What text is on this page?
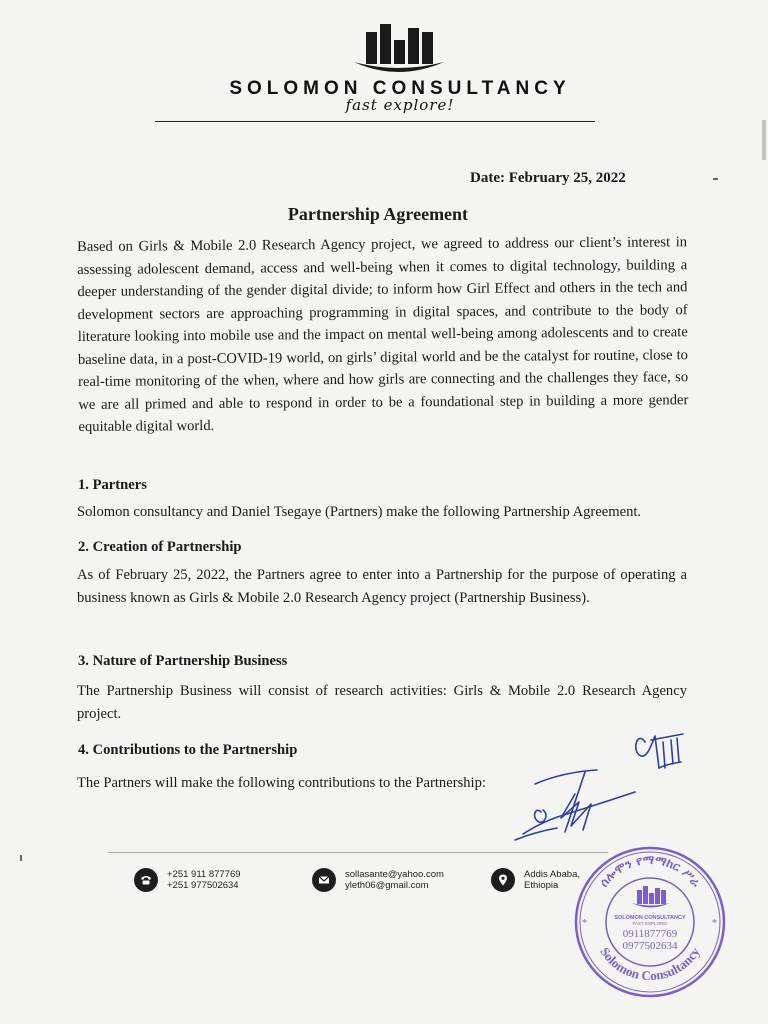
SOLOMON CONSULTANCY
fast explore!
Date: February 25, 2022
Partnership Agreement
Based on Girls & Mobile 2.0 Research Agency project, we agreed to address our client’s interest in assessing adolescent demand, access and well-being when it comes to digital technology, building a deeper understanding of the gender digital divide; to inform how Girl Effect and others in the tech and development sectors are approaching programming in digital spaces, and contribute to the body of literature looking into mobile use and the impact on mental well-being among adolescents and to create baseline data, in a post-COVID-19 world, on girls’ digital world and be the catalyst for routine, close to real-time monitoring of the when, where and how girls are connecting and the challenges they face, so we are all primed and able to respond in order to be a foundational step in building a more gender equitable digital world.
1. Partners
Solomon consultancy and Daniel Tsegaye (Partners) make the following Partnership Agreement.
2. Creation of Partnership
As of February 25, 2022, the Partners agree to enter into a Partnership for the purpose of operating a business known as Girls & Mobile 2.0 Research Agency project (Partnership Business).
3. Nature of Partnership Business
The Partnership Business will consist of research activities: Girls & Mobile 2.0 Research Agency project.
4. Contributions to the Partnership
The Partners will make the following contributions to the Partnership:
+251 911 877769
+251 977502634
sollasante@yahoo.com
yleth06@gmail.com
Addis Ababa,
Ethiopia
Solomon Consultancy
ሰሎሞን የማማከር ሥራ
SOLOMON CONSULTANCY
FAST EXPLORE!
0911877769
0977502634
*	*
